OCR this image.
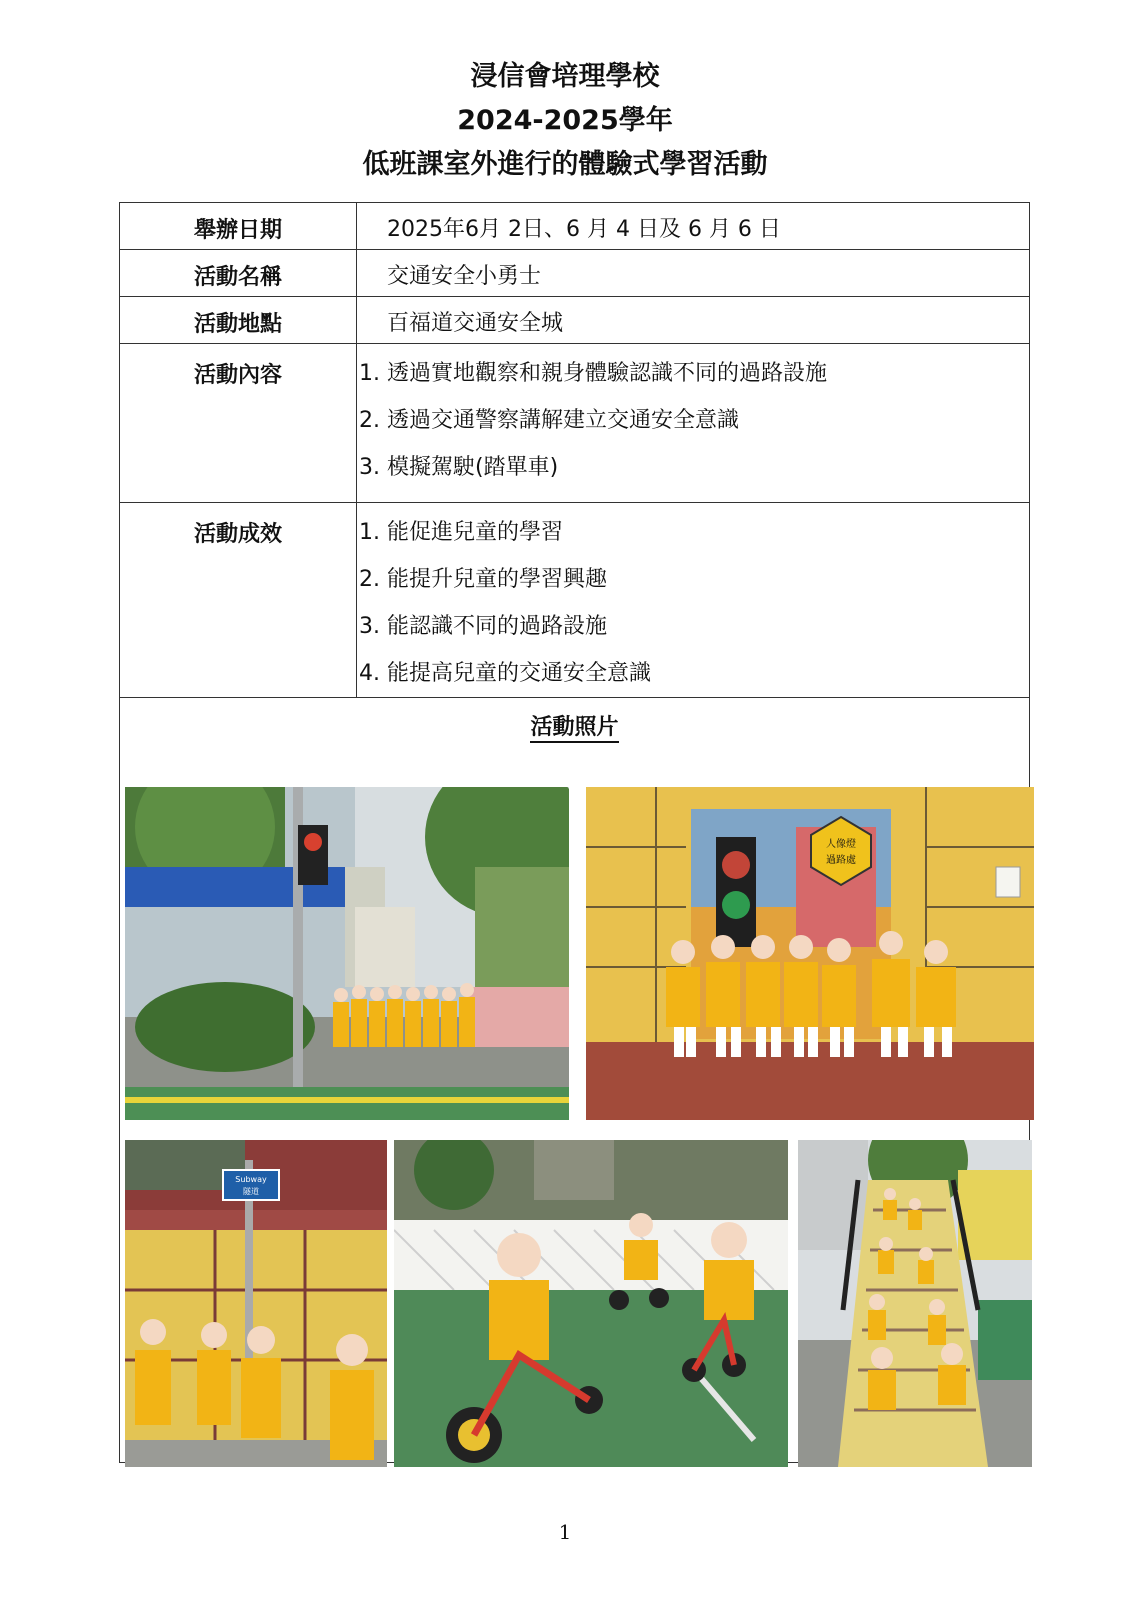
浸信會培理學校
2024-2025學年
低班課室外進行的體驗式學習活動
舉辦日期	2025年6月 2日、6 月 4 日及 6 月 6 日

活動名稱	交通安全小勇士

活動地點	百福道交通安全城

活動內容	1. 透過實地觀察和親身體驗認識不同的過路設施
2. 透過交通警察講解建立交通安全意識
3. 模擬駕駛(踏單車)

活動成效	1. 能促進兒童的學習
2. 能提升兒童的學習興趣
3. 能認識不同的過路設施
4. 能提高兒童的交通安全意識

活動照片	
人像燈
過路處
Subway
隧道
1
